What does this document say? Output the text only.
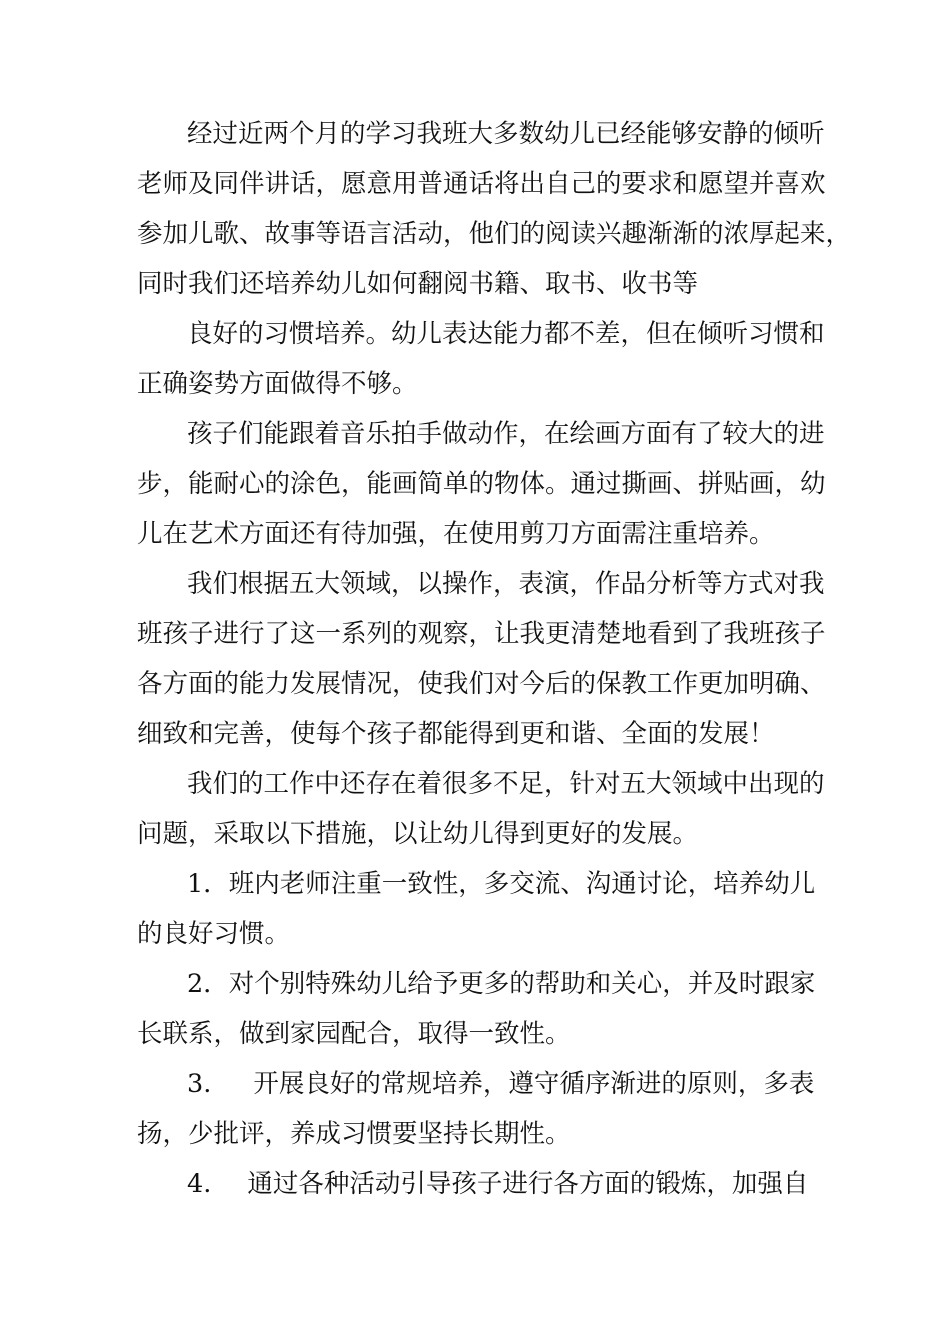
经过近两个月的学习我班大多数幼儿已经能够安静的倾听
老师及同伴讲话，愿意用普通话将出自己的要求和愿望并喜欢
参加儿歌、故事等语言活动，他们的阅读兴趣渐渐的浓厚起来，
同时我们还培养幼儿如何翻阅书籍、取书、收书等
良好的习惯培养。幼儿表达能力都不差，但在倾听习惯和
正确姿势方面做得不够。
孩子们能跟着音乐拍手做动作，在绘画方面有了较大的进
步，能耐心的涂色，能画简单的物体。通过撕画、拼贴画，幼
儿在艺术方面还有待加强，在使用剪刀方面需注重培养。
我们根据五大领域，以操作，表演，作品分析等方式对我
班孩子进行了这一系列的观察，让我更清楚地看到了我班孩子
各方面的能力发展情况，使我们对今后的保教工作更加明确、
细致和完善，使每个孩子都能得到更和谐、全面的发展！
我们的工作中还存在着很多不足，针对五大领域中出现的
问题，采取以下措施，以让幼儿得到更好的发展。
1．班内老师注重一致性，多交流、沟通讨论，培养幼儿
的良好习惯。
2．对个别特殊幼儿给予更多的帮助和关心，并及时跟家
长联系，做到家园配合，取得一致性。
3. 开展良好的常规培养，遵守循序渐进的原则，多表
扬，少批评，养成习惯要坚持长期性。
4. 通过各种活动引导孩子进行各方面的锻炼，加强自
